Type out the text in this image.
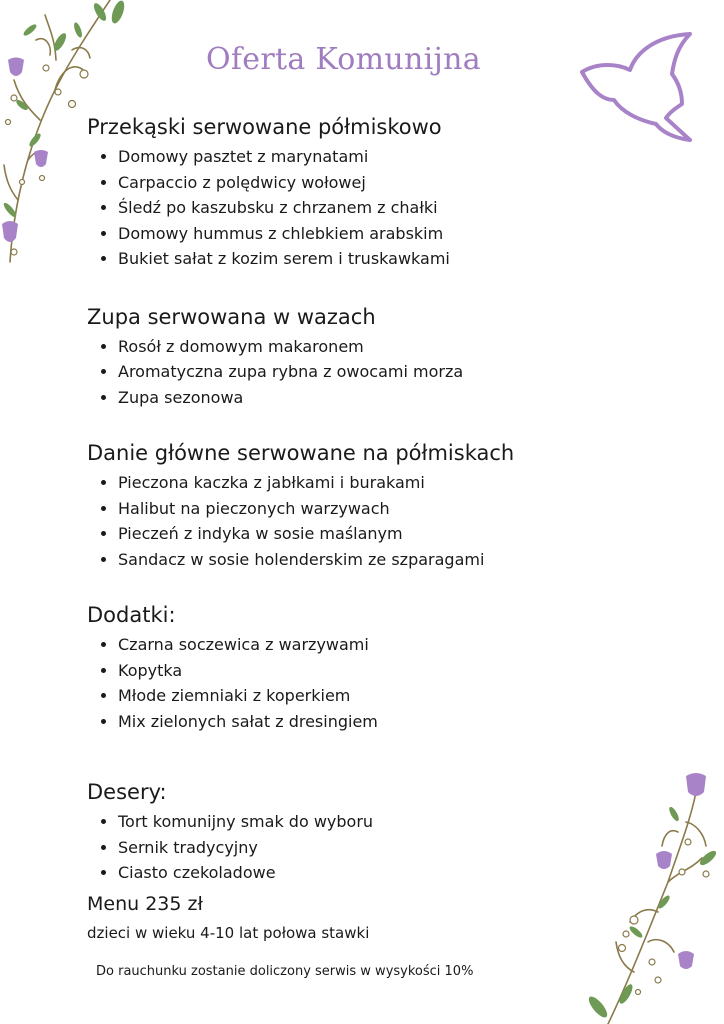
Oferta Komunijna
Przekąski serwowane półmiskowo
• Domowy pasztet z marynatami
• Carpaccio z polędwicy wołowej
• Śledź po kaszubsku z chrzanem z chałki
• Domowy hummus z chlebkiem arabskim
• Bukiet sałat z kozim serem i truskawkami
Zupa serwowana w wazach
• Rosół z domowym makaronem
• Aromatyczna zupa rybna z owocami morza
• Zupa sezonowa
Danie główne serwowane na półmiskach
• Pieczona kaczka z jabłkami i burakami
• Halibut na pieczonych warzywach
• Pieczeń z indyka w sosie maślanym
• Sandacz w sosie holenderskim ze szparagami
Dodatki:
• Czarna soczewica z warzywami
• Kopytka
• Młode ziemniaki z koperkiem
• Mix zielonych sałat z dresingiem
Desery:
• Tort komunijny smak do wyboru
• Sernik tradycyjny
• Ciasto czekoladowe

Menu 235 zł

dzieci w wieku 4-10 lat połowa stawki

Do rauchunku zostanie doliczony serwis w wysykości 10%
